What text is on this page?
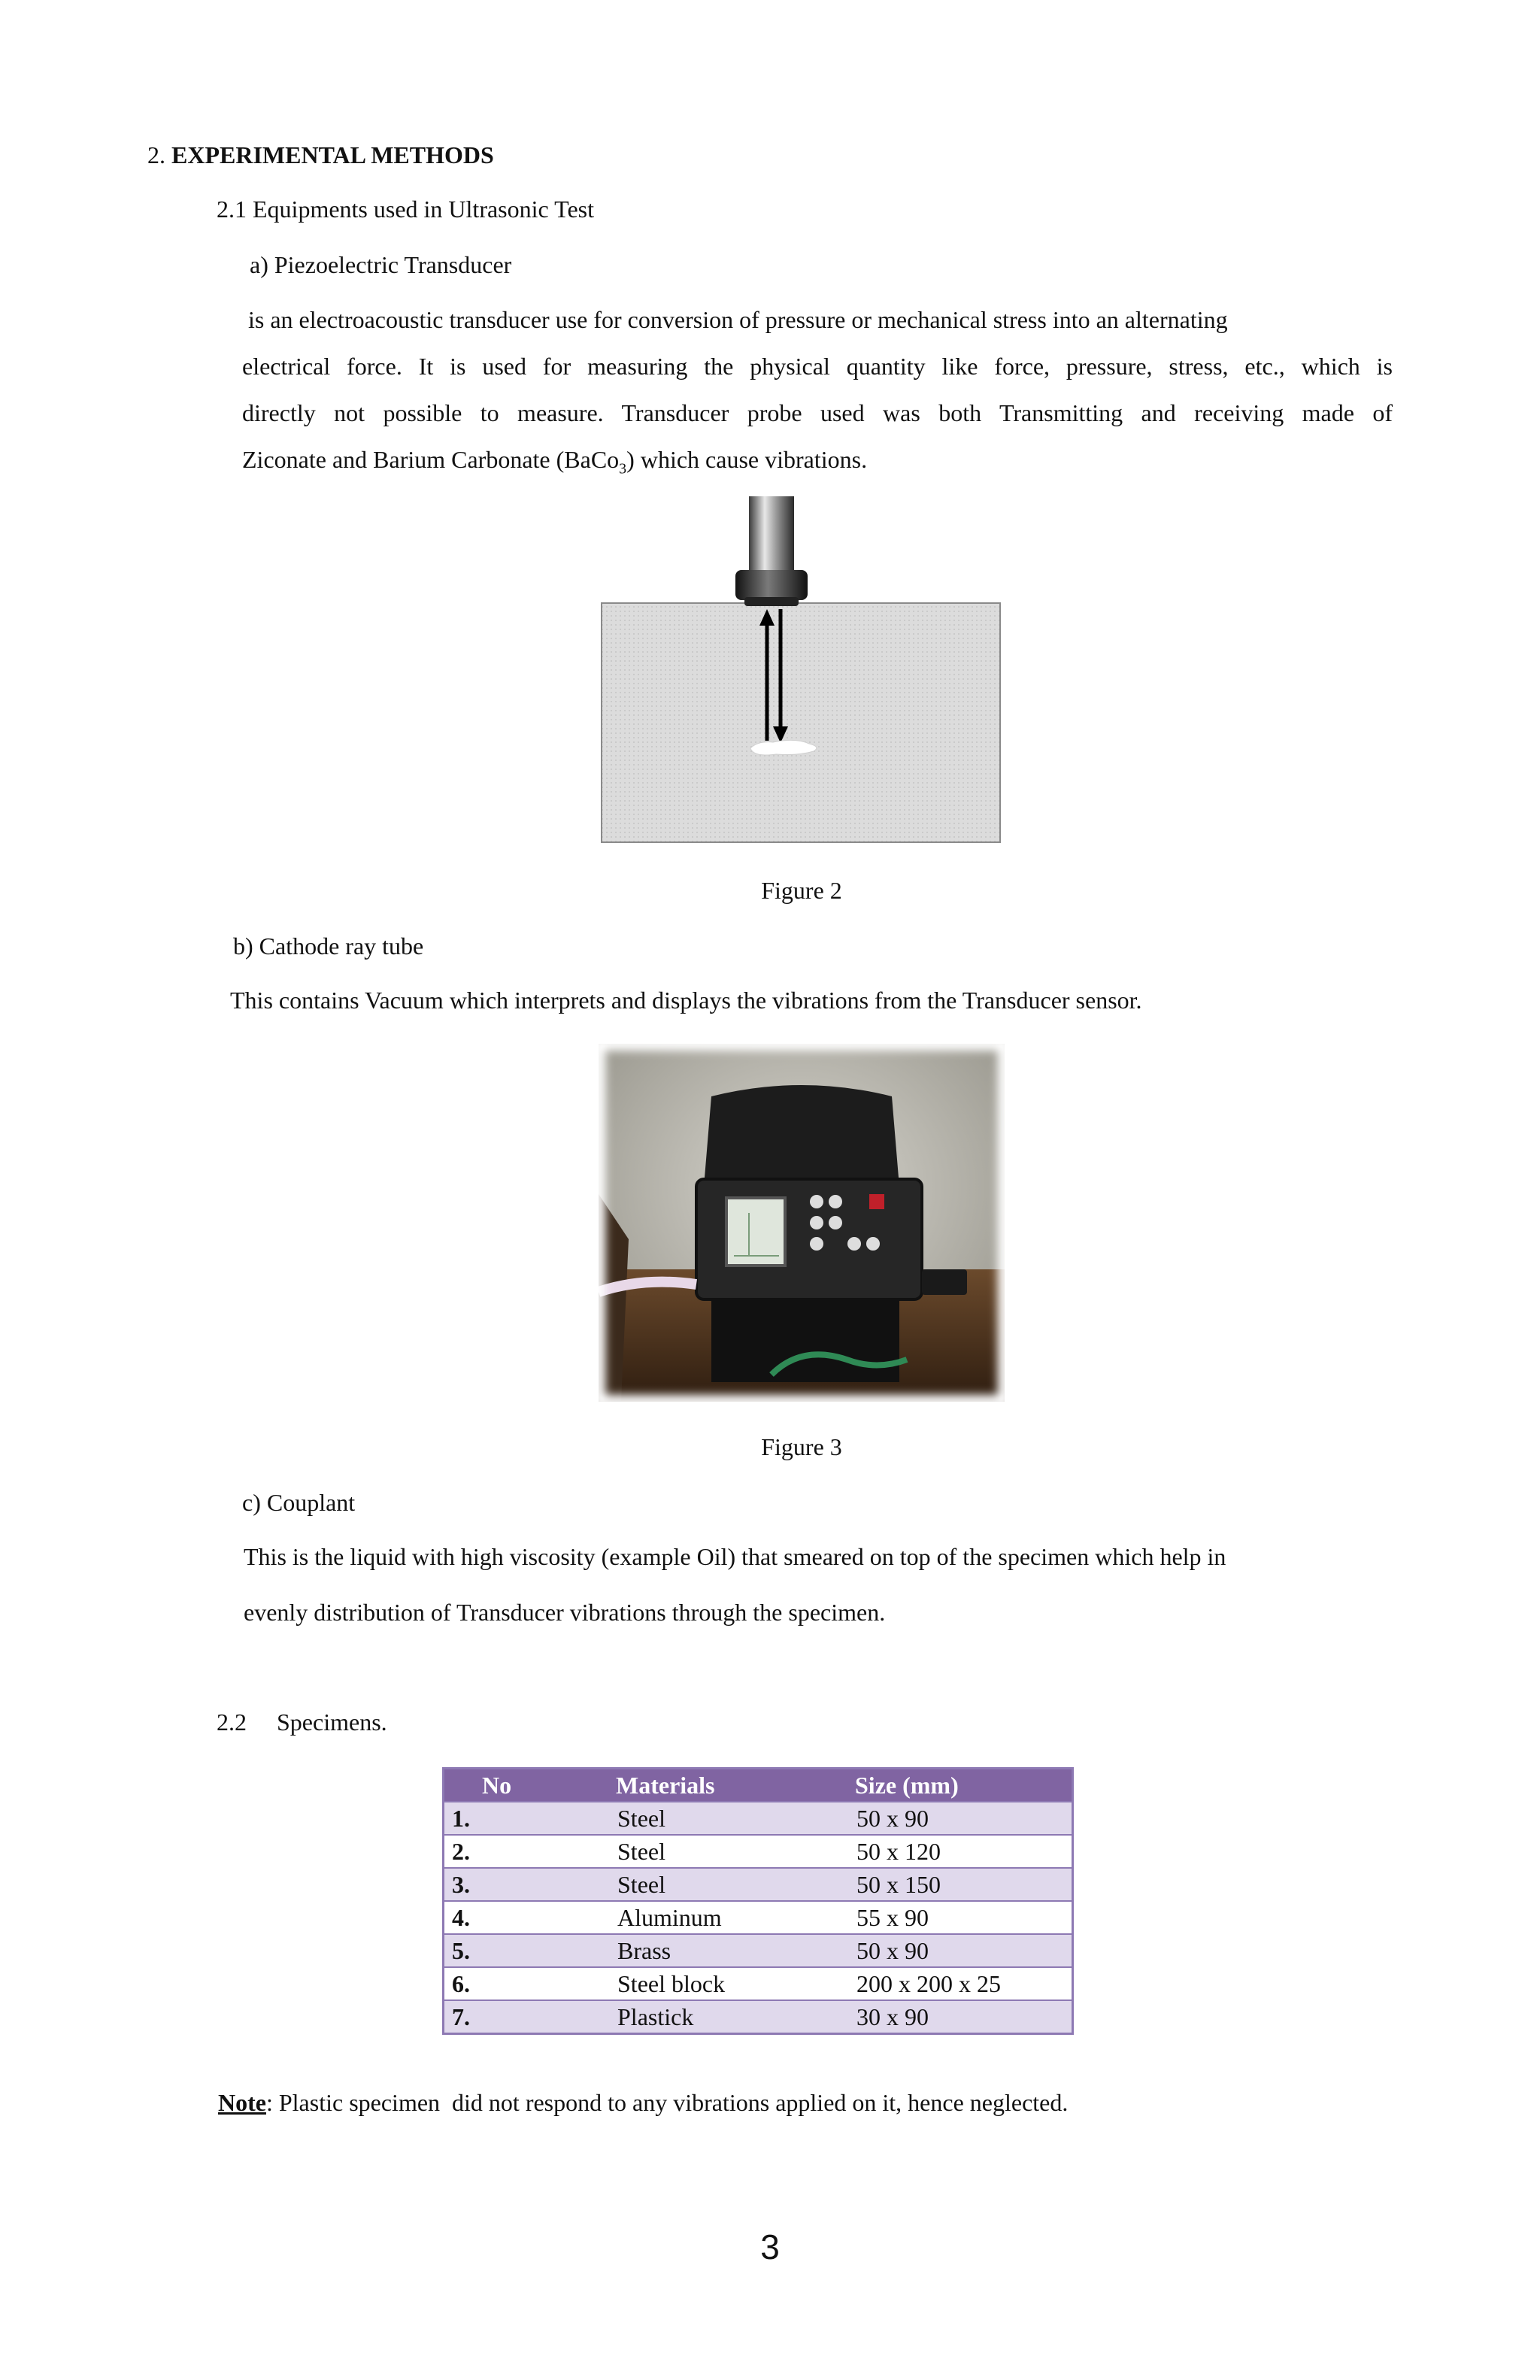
2. EXPERIMENTAL METHODS
2.1 Equipments used in Ultrasonic Test
a) Piezoelectric Transducer
is an electroacoustic transducer use for conversion of pressure or mechanical stress into an alternating
electrical force. It is used for measuring the physical quantity like force, pressure, stress, etc., which is
directly not possible to measure. Transducer probe used was both Transmitting and receiving made of
Ziconate and Barium Carbonate (BaCo$_3$) which cause vibrations.
Figure 2
b) Cathode ray tube
This contains Vacuum which interprets and displays the vibrations from the Transducer sensor.
Figure 3
c) Couplant
This is the liquid with high viscosity (example Oil) that smeared on top of the specimen which help in
evenly distribution of Transducer vibrations through the specimen.
2.2 Specimens.
No	Materials	Size (mm)
1.	Steel	50 x 90
2.	Steel	50 x 120
3.	Steel	50 x 150
4.	Aluminum	55 x 90
5.	Brass	50 x 90
6.	Steel block	200 x 200 x 25
7.	Plastick	30 x 90
Note: Plastic specimen  did not respond to any vibrations applied on it, hence neglected.
3
